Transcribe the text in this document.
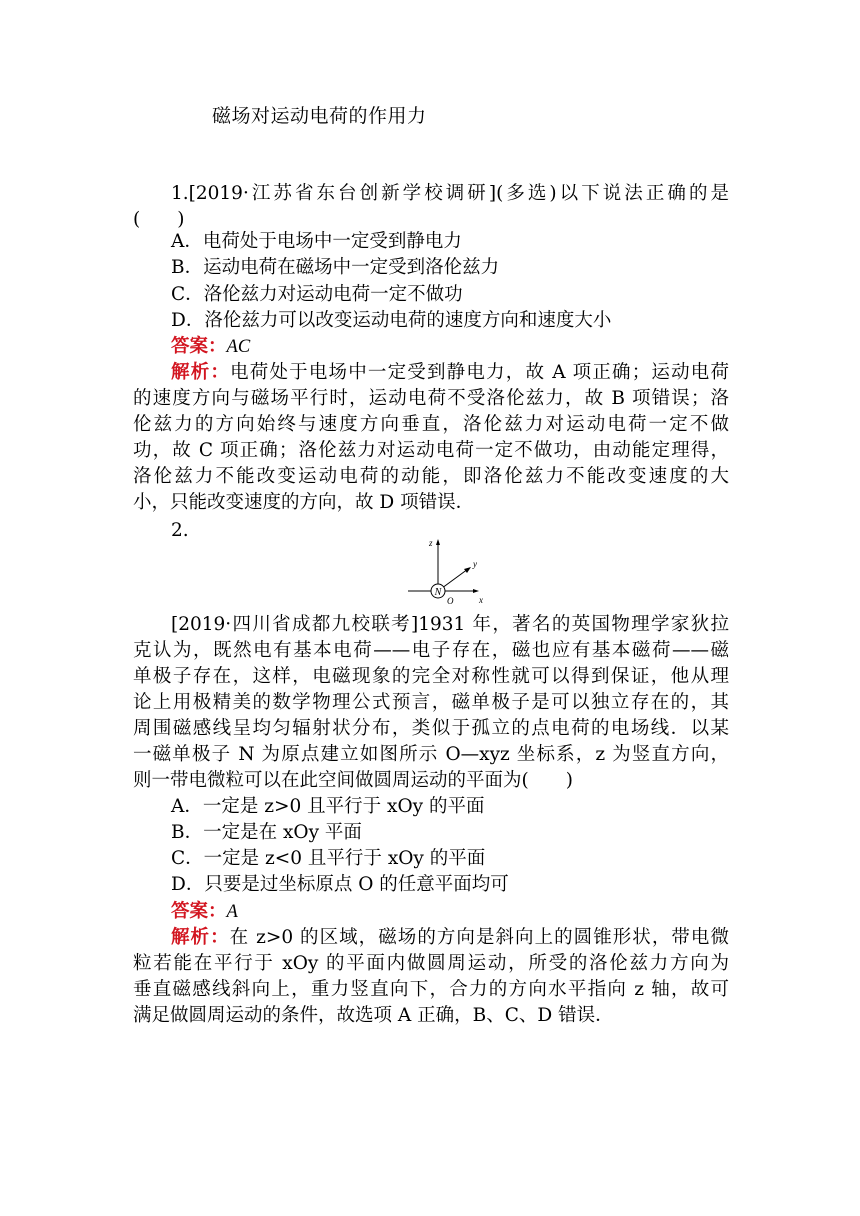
磁场对运动电荷的作用力
1.[2019·江苏省东台创新学校调研](多选)以下说法正确的是
(　　)
A．电荷处于电场中一定受到静电力
B．运动电荷在磁场中一定受到洛伦兹力
C．洛伦兹力对运动电荷一定不做功
D．洛伦兹力可以改变运动电荷的速度方向和速度大小
答案：AC
解析：电荷处于电场中一定受到静电力，故 A 项正确；运动电荷
的速度方向与磁场平行时，运动电荷不受洛伦兹力，故 B 项错误；洛
伦兹力的方向始终与速度方向垂直，洛伦兹力对运动电荷一定不做
功，故 C 项正确；洛伦兹力对运动电荷一定不做功，由动能定理得，
洛伦兹力不能改变运动电荷的动能，即洛伦兹力不能改变速度的大
小，只能改变速度的方向，故 D 项错误．
2.
N
z
y
x
O
[2019·四川省成都九校联考]1931 年，著名的英国物理学家狄拉
克认为，既然电有基本电荷——电子存在，磁也应有基本磁荷——磁
单极子存在，这样，电磁现象的完全对称性就可以得到保证，他从理
论上用极精美的数学物理公式预言，磁单极子是可以独立存在的，其
周围磁感线呈均匀辐射状分布，类似于孤立的点电荷的电场线．以某
一磁单极子 N 为原点建立如图所示 O—xyz 坐标系，z 为竖直方向，
则一带电微粒可以在此空间做圆周运动的平面为(　　)
A．一定是 z>0 且平行于 xOy 的平面
B．一定是在 xOy 平面
C．一定是 z<0 且平行于 xOy 的平面
D．只要是过坐标原点 O 的任意平面均可
答案：A
解析：在 z>0 的区域，磁场的方向是斜向上的圆锥形状，带电微
粒若能在平行于 xOy 的平面内做圆周运动，所受的洛伦兹力方向为
垂直磁感线斜向上，重力竖直向下，合力的方向水平指向 z 轴，故可
满足做圆周运动的条件，故选项 A 正确，B、C、D 错误．
